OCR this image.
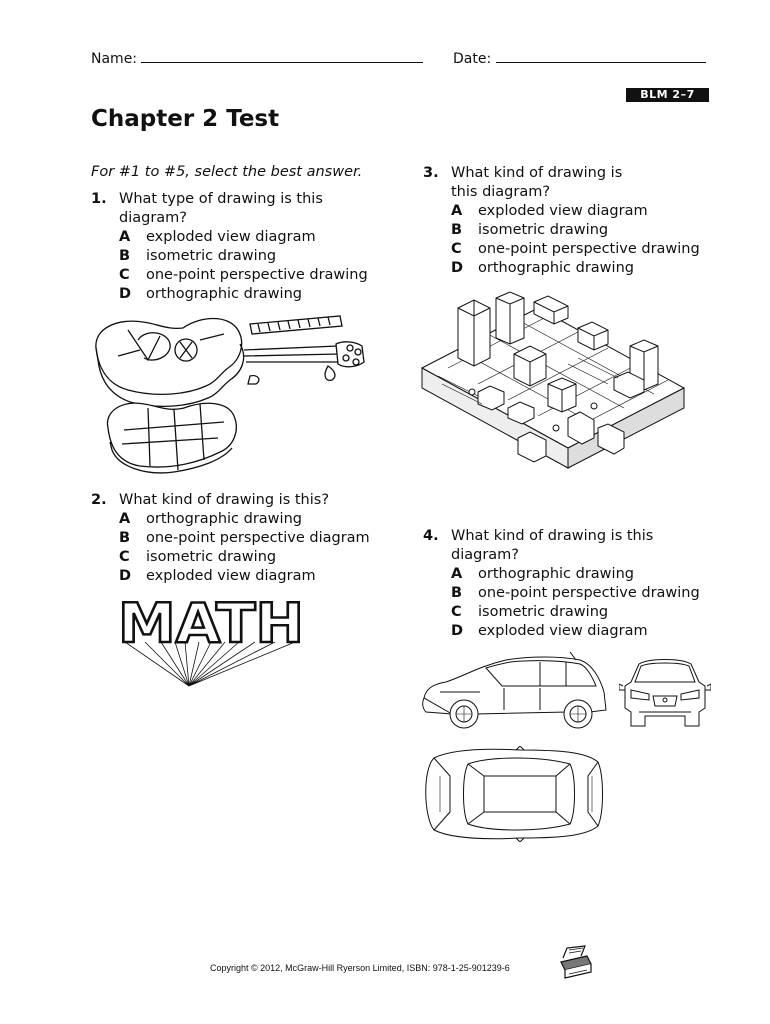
Name:	Date:
BLM 2–7
Chapter 2 Test
For #1 to #5, select the best answer.
1. What type of drawing is this
diagram?
A exploded view diagram
B isometric drawing
C one-point perspective drawing
D orthographic drawing
2. What kind of drawing is this?
A orthographic drawing
B one-point perspective diagram
C isometric drawing
D exploded view diagram
MATH
3. What kind of drawing is
this diagram?
A exploded view diagram
B isometric drawing
C one-point perspective drawing
D orthographic drawing
4. What kind of drawing is this
diagram?
A orthographic drawing
B one-point perspective drawing
C isometric drawing
D exploded view diagram
Copyright © 2012, McGraw-Hill Ryerson Limited, ISBN: 978-1-25-901239-6
